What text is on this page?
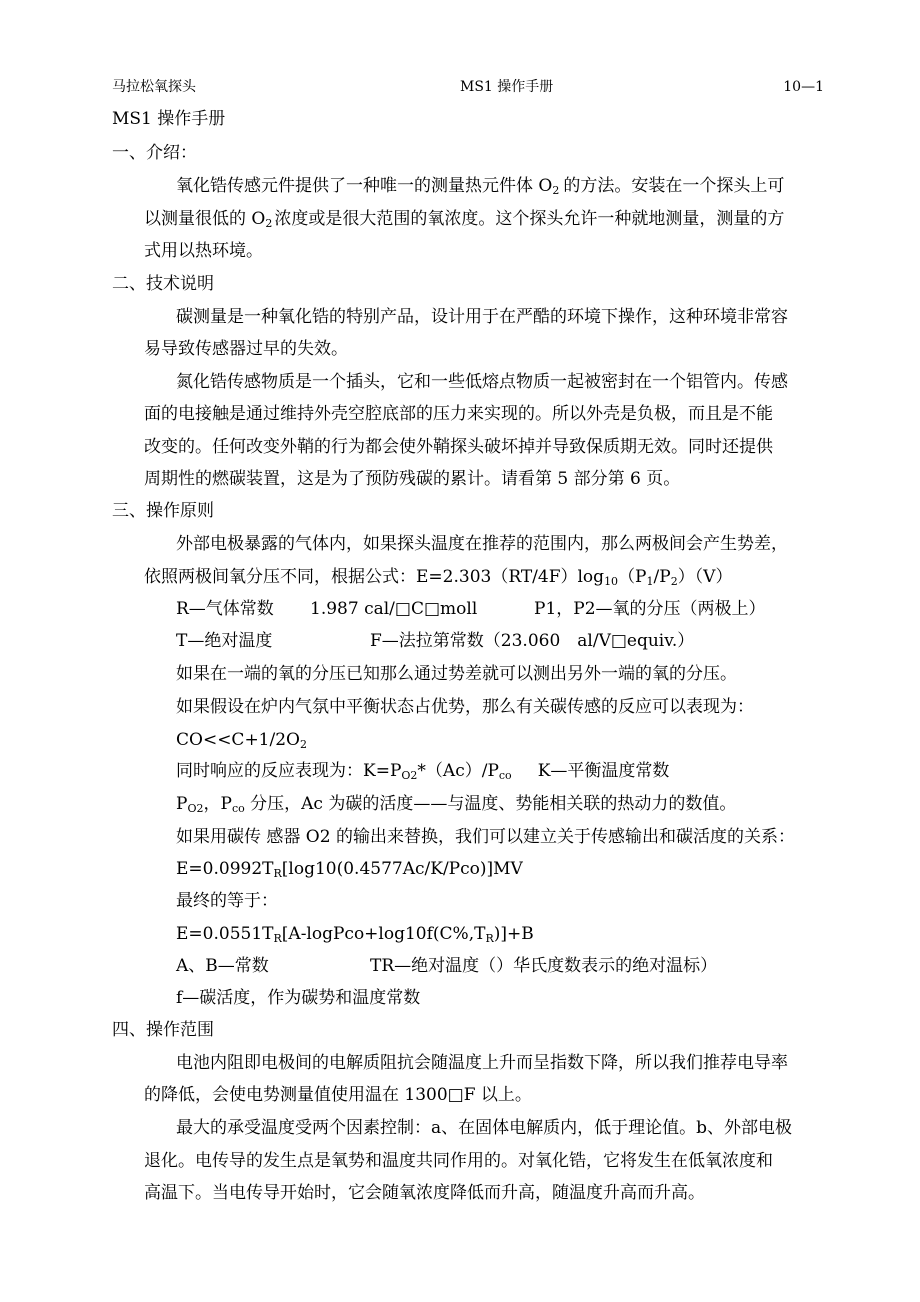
马拉松氧探头	MS1 操作手册	10—1
MS1 操作手册
一、介绍：
氧化锆传感元件提供了一种唯一的测量热元件体 $O_2$ 的方法。安装在一个探头上可
以测量很低的 $O_2$ 浓度或是很大范围的氧浓度。这个探头允许一种就地测量，测量的方
式用以热环境。
二、技术说明
碳测量是一种氧化锆的特别产品，设计用于在严酷的环境下操作，这种环境非常容
易导致传感器过早的失效。
氮化锆传感物质是一个插头，它和一些低熔点物质一起被密封在一个铝管内。传感
面的电接触是通过维持外壳空腔底部的压力来实现的。所以外壳是负极，而且是不能
改变的。任何改变外鞘的行为都会使外鞘探头破坏掉并导致保质期无效。同时还提供
周期性的燃碳装置，这是为了预防残碳的累计。请看第 5 部分第 6 页。
三、操作原则
外部电极暴露的气体内，如果探头温度在推荐的范围内，那么两极间会产生势差，
依照两极间氧分压不同，根据公式：$E=2.303(RT/4F)\log_{10}(P_1/P_2)(V)$
R—气体常数 1.987 cal/□C□moll	P1，P2—氧的分压（两极上）
T—绝对温度	F—法拉第常数（23.060　al/V□equiv.）
如果在一端的氧的分压已知那么通过势差就可以测出另外一端的氧的分压。
如果假设在炉内气氛中平衡状态占优势，那么有关碳传感的反应可以表现为：
$CO<<C+1/2O_2$
同时响应的反应表现为：$K=P_{O2}*(Ac)/P_{co}$ K—平衡温度常数
$P_{O2}$，$P_{co}$ 分压，Ac 为碳的活度——与温度、势能相关联的热动力的数值。
如果用碳传 感器 O2 的输出来替换，我们可以建立关于传感输出和碳活度的关系：
$E=0.0992T_R[\log 10(0.4577Ac/K/Pco)]MV$
最终的等于：
$E=0.0551T_R[A-logPco+\log 10f(C\%,T_R)]+B$
A、B—常数	TR—绝对温度（）华氏度数表示的绝对温标）
f—碳活度，作为碳势和温度常数
四、操作范围
电池内阻即电极间的电解质阻抗会随温度上升而呈指数下降，所以我们推荐电导率
的降低，会使电势测量值使用温在 1300□F 以上。
最大的承受温度受两个因素控制：a、在固体电解质内，低于理论值。b、外部电极
退化。电传导的发生点是氧势和温度共同作用的。对氧化锆，它将发生在低氧浓度和
高温下。当电传导开始时，它会随氧浓度降低而升高，随温度升高而升高。
